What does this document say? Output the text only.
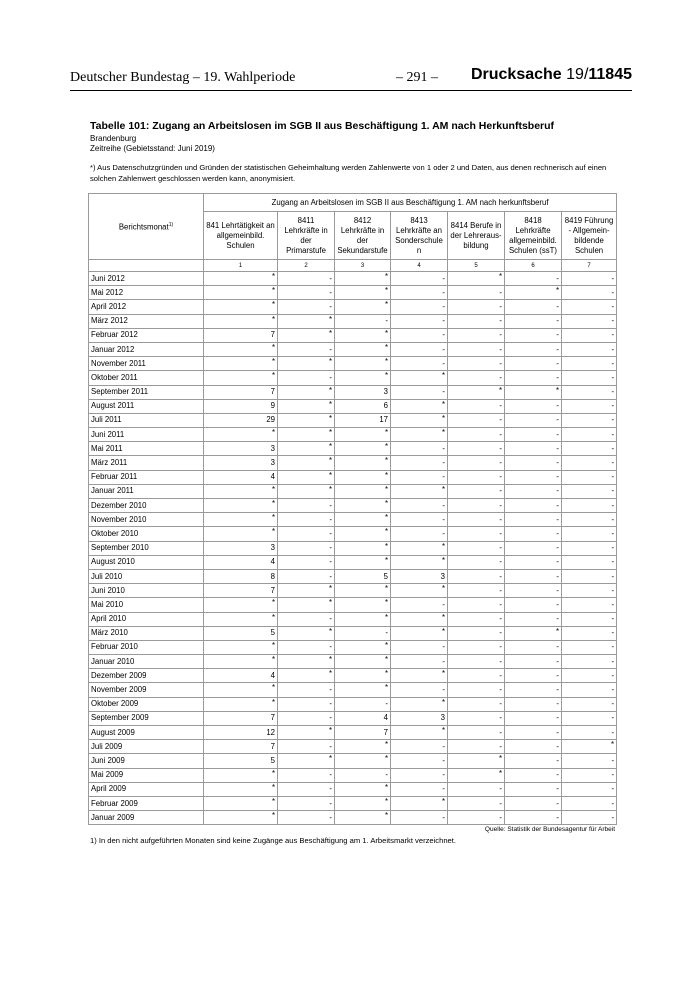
Deutscher Bundestag – 19. Wahlperiode	– 291 – Drucksache 19/11845
Tabelle 101: Zugang an Arbeitslosen im SGB II aus Beschäftigung 1. AM nach Herkunftsberuf
Brandenburg
Zeitreihe (Gebietsstand: Juni 2019)
*) Aus Datenschutzgründen und Gründen der statistischen Geheimhaltung werden Zahlenwerte von 1 oder 2 und Daten, aus denen rechnerisch auf einen solchen Zahlenwert geschlossen werden kann, anonymisiert.
Berichtsmonat$^{1)}$	Zugang an Arbeitslosen im SGB II aus Beschäftigung 1. AM nach herkunftsberuf						
	841 Lehrtätigkeit an allgemeinbild. Schulen	8411 Lehrkräfte in der Primarstufe	8412 Lehrkräfte in der Sekundarstufe	8413 Lehrkräfte an Sonderschule n	8414 Berufe in der Lehreraus- bildung	8418 Lehrkräfte allgemeinbild. Schulen (ssT)	8419 Führung - Allgemein- bildende Schulen
	1	2	3	4	5	6	7
Juni 2012	*	-	*	-	*	-	-
Mai 2012	*	-	*	-	-	*	-
April 2012	*	-	*	-	-	-	-
März 2012	*	*	-	-	-	-	-
Februar 2012	7	*	*	-	-	-	-
Januar 2012	*	-	*	-	-	-	-
November 2011	*	*	*	-	-	-	-
Oktober 2011	*	-	*	*	-	-	-
September 2011	7	*	3	-	*	*	-
August 2011	9	*	6	*	-	-	-
Juli 2011	29	*	17	*	-	-	-
Juni 2011	*	*	*	*	-	-	-
Mai 2011	3	*	*	-	-	-	-
März 2011	3	*	*	-	-	-	-
Februar 2011	4	*	*	-	-	-	-
Januar 2011	*	*	*	*	-	-	-
Dezember 2010	*	-	*	-	-	-	-
November 2010	*	-	*	-	-	-	-
Oktober 2010	*	-	*	-	-	-	-
September 2010	3	-	*	*	-	-	-
August 2010	4	-	*	*	-	-	-
Juli 2010	8	-	5	3	-	-	-
Juni 2010	7	*	*	*	-	-	-
Mai 2010	*	*	*	-	-	-	-
April 2010	*	-	*	*	-	-	-
März 2010	5	*	-	*	-	*	-
Februar 2010	*	-	*	-	-	-	-
Januar 2010	*	*	*	-	-	-	-
Dezember 2009	4	*	*	*	-	-	-
November 2009	*	-	*	-	-	-	-
Oktober 2009	*	-	-	*	-	-	-
September 2009	7	-	4	3	-	-	-
August 2009	12	*	7	*	-	-	-
Juli 2009	7	-	*	-	-	-	*
Juni 2009	5	*	*	-	*	-	-
Mai 2009	*	-	-	-	*	-	-
April 2009	*	-	*	-	-	-	-
Februar 2009	*	-	*	*	-	-	-
Januar 2009	*	-	*	-	-	-	-
Quelle: Statistik der Bundesagentur für Arbeit
1) In den nicht aufgeführten Monaten sind keine Zugänge aus Beschäftigung am 1. Arbeitsmarkt verzeichnet.
